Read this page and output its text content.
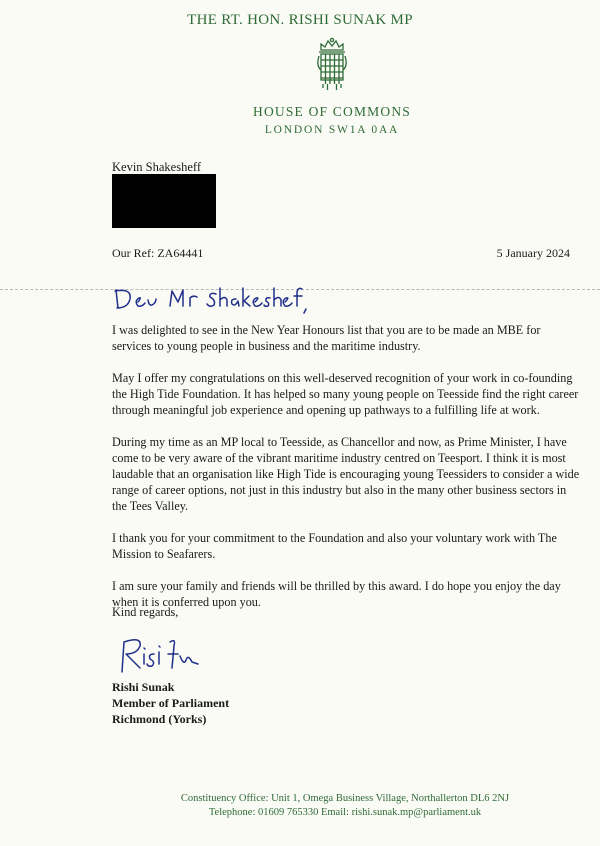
THE RT. HON. RISHI SUNAK MP
HOUSE OF COMMONS
LONDON SW1A 0AA
Kevin Shakesheff
Our Ref: ZA64441	5 January 2024

I was delighted to see in the New Year Honours list that you are to be made an MBE for services to young people in business and the maritime industry.

May I offer my congratulations on this well-deserved recognition of your work in co-founding the High Tide Foundation. It has helped so many young people on Teesside find the right career through meaningful job experience and opening up pathways to a fulfilling life at work.

During my time as an MP local to Teesside, as Chancellor and now, as Prime Minister, I have come to be very aware of the vibrant maritime industry centred on Teesport. I think it is most laudable that an organisation like High Tide is encouraging young Teessiders to consider a wide range of career options, not just in this industry but also in the many other business sectors in the Tees Valley.

I thank you for your commitment to the Foundation and also your voluntary work with The Mission to Seafarers.

I am sure your family and friends will be thrilled by this award. I do hope you enjoy the day when it is conferred upon you.

Kind regards,
Rishi Sunak
Member of Parliament
Richmond (Yorks)
Constituency Office: Unit 1, Omega Business Village, Northallerton DL6 2NJ
Telephone: 01609 765330 Email: rishi.sunak.mp@parliament.uk
